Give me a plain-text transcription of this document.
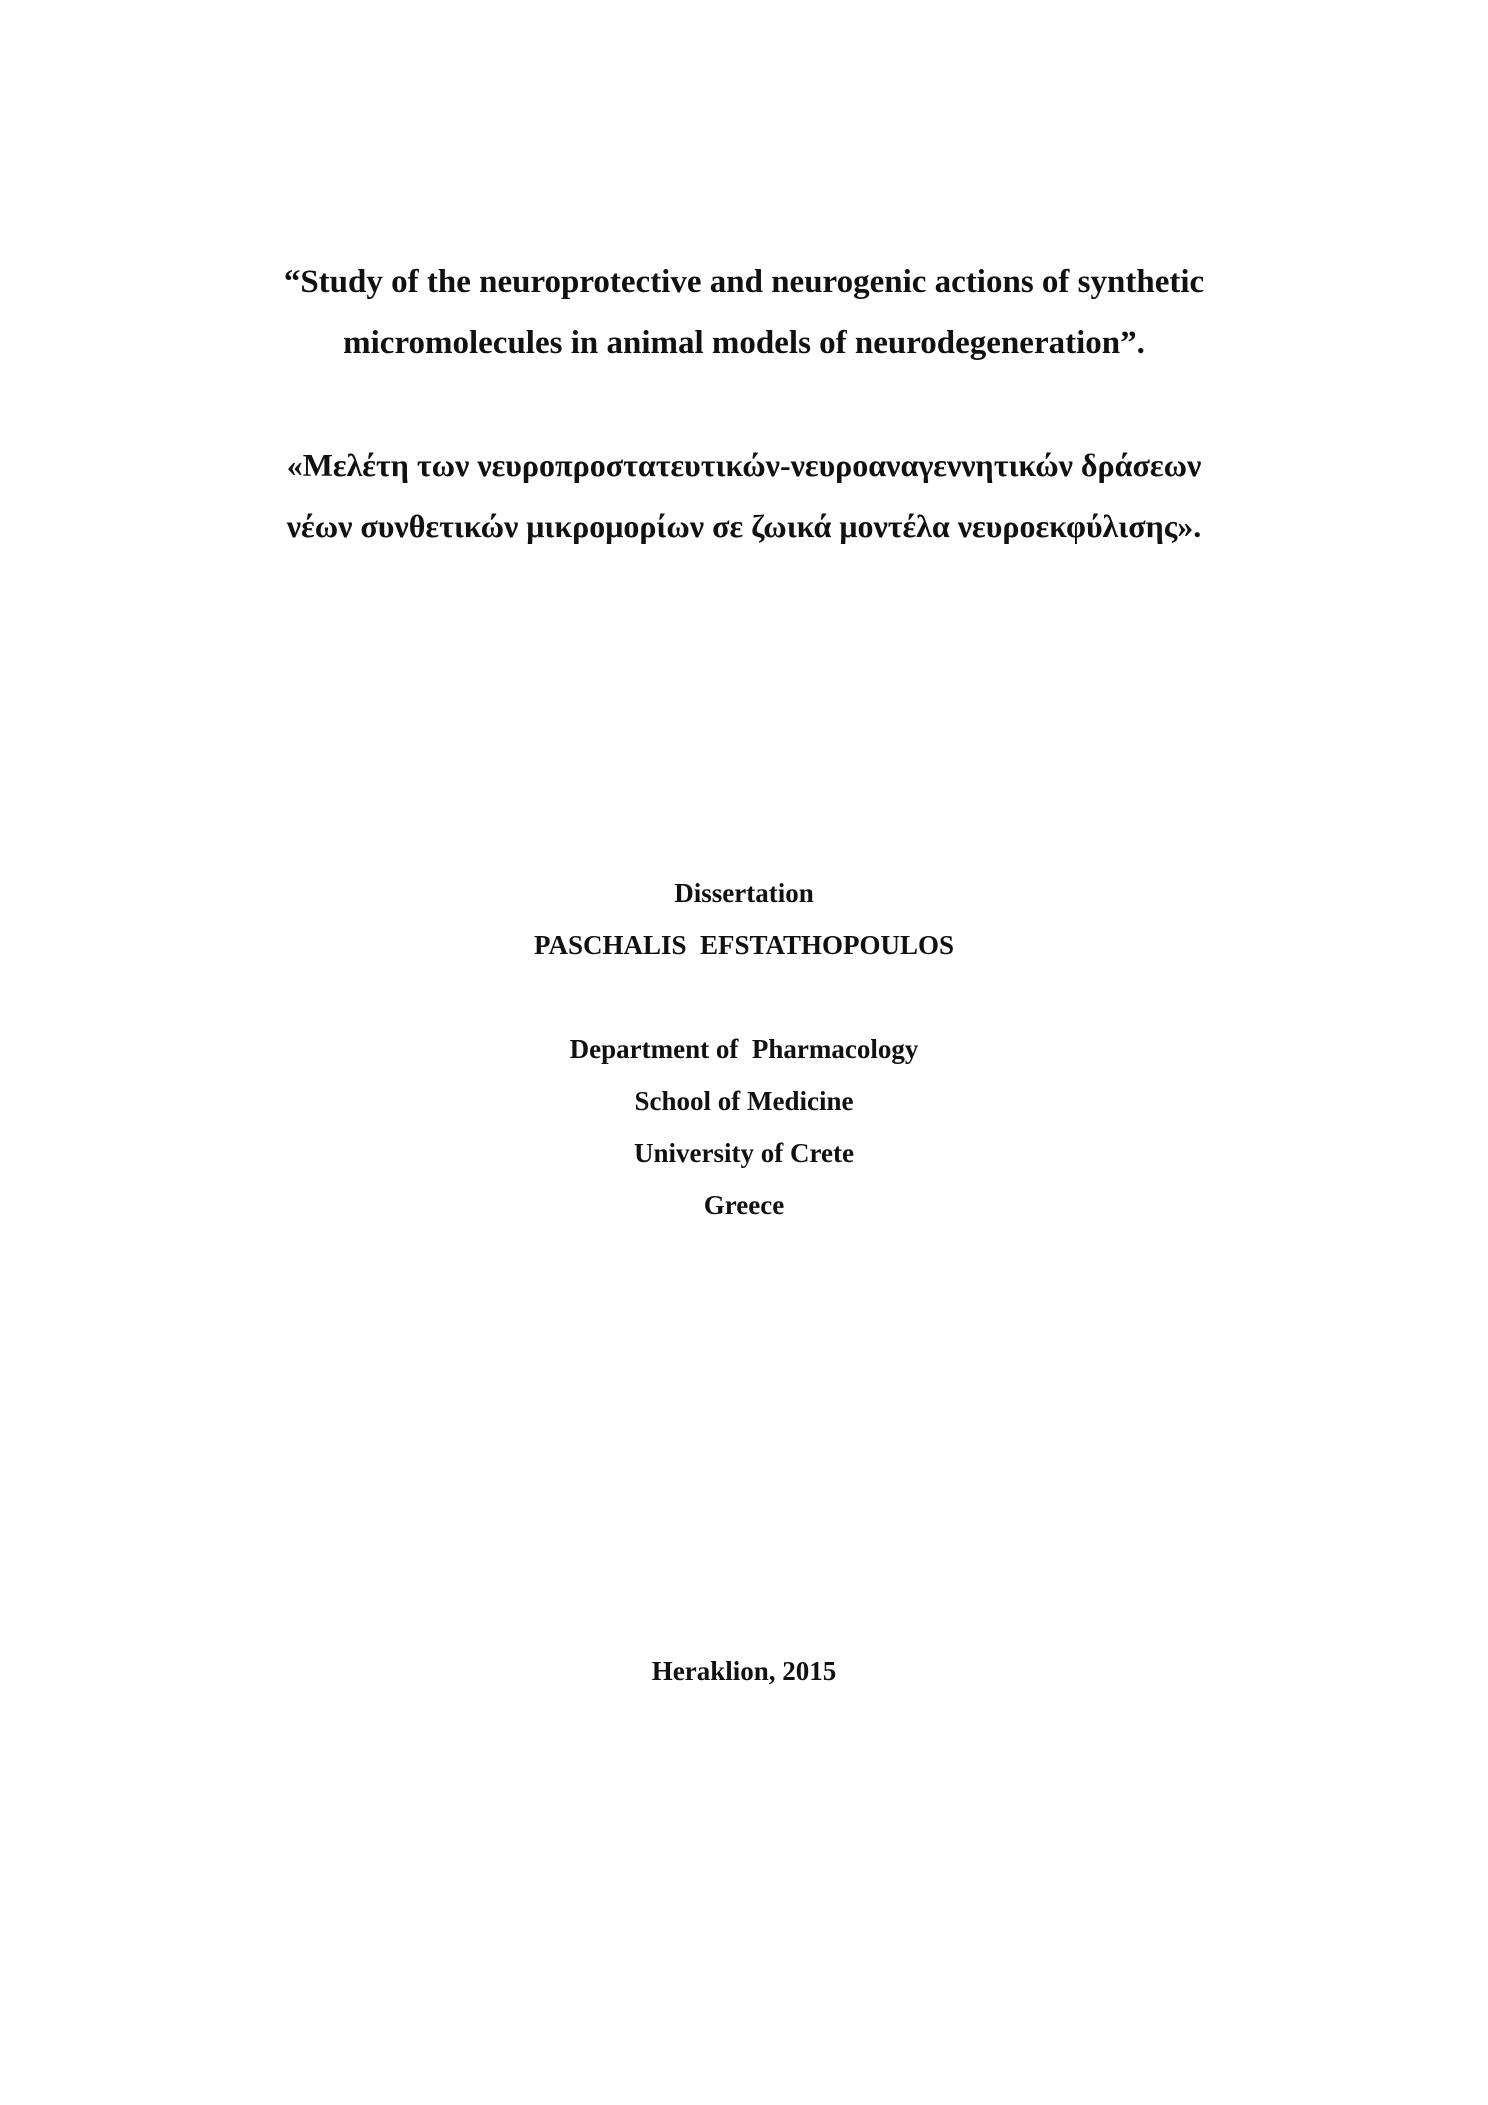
“Study of the neuroprotective and neurogenic actions of synthetic
micromolecules in animal models of neurodegeneration”.
«Μελέτη των νευροπροστατευτικών-νευροαναγεννητικών δράσεων
νέων συνθετικών μικρομορίων σε ζωικά μοντέλα νευροεκφύλισης».
Dissertation
PASCHALIS  EFSTATHOPOULOS
Department of  Pharmacology
School of Medicine
University of Crete
Greece
Heraklion, 2015
